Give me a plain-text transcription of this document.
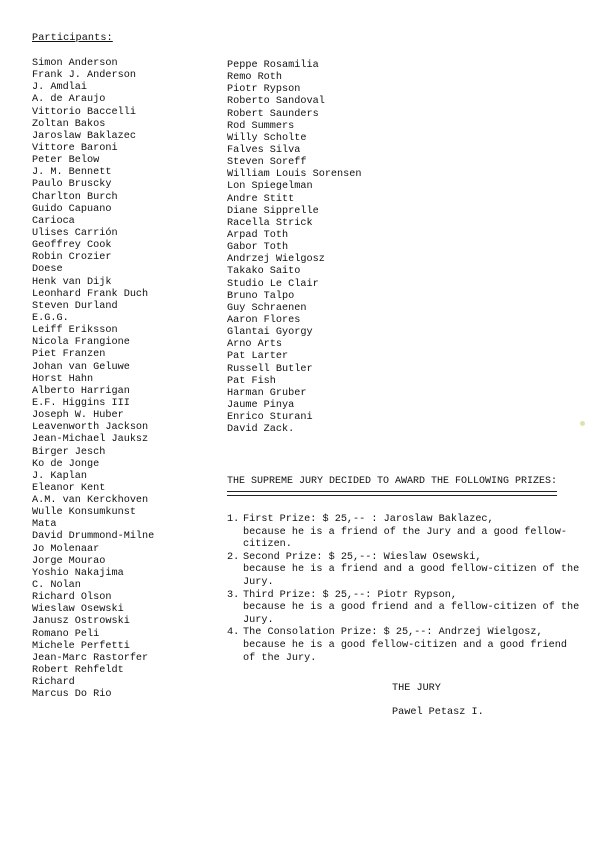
Participants:
Simon Anderson
Frank J. Anderson
J. Amdlai
A. de Araujo
Vittorio Baccelli
Zoltan Bakos
Jaroslaw Baklazec
Vittore Baroni
Peter Below
J. M. Bennett
Paulo Bruscky
Charlton Burch
Guido Capuano
Carioca
Ulises Carrión
Geoffrey Cook
Robin Crozier
Doese
Henk van Dijk
Leonhard Frank Duch
Steven Durland
E.G.G.
Leiff Eriksson
Nicola Frangione
Piet Franzen
Johan van Geluwe
Horst Hahn
Alberto Harrigan
E.F. Higgins III
Joseph W. Huber
Leavenworth Jackson
Jean-Michael Jauksz
Birger Jesch
Ko de Jonge
J. Kaplan
Eleanor Kent
A.M. van Kerckhoven
Wulle Konsumkunst
Mata
David Drummond-Milne
Jo Molenaar
Jorge Mourao
Yoshio Nakajima
C. Nolan
Richard Olson
Wieslaw Osewski
Janusz Ostrowski
Romano Peli
Michele Perfetti
Jean-Marc Rastorfer
Robert Rehfeldt
Richard
Marcus Do Rio
Peppe Rosamilia
Remo Roth
Piotr Rypson
Roberto Sandoval
Robert Saunders
Rod Summers
Willy Scholte
Falves Silva
Steven Soreff
William Louis Sorensen
Lon Spiegelman
Andre Stitt
Diane Sipprelle
Racella Strick
Arpad Toth
Gabor Toth
Andrzej Wielgosz
Takako Saito
Studio Le Clair
Bruno Talpo
Guy Schraenen
Aaron Flores
Glantai Gyorgy
Arno Arts
Pat Larter
Russell Butler
Pat Fish
Harman Gruber
Jaume Pinya
Enrico Sturani
David Zack.
THE SUPREME JURY DECIDED TO AWARD THE FOLLOWING PRIZES:
1. First Prize: $ 25,-- : Jaroslaw Baklazec,
because he is a friend of the Jury and a good fellow-citizen.
2. Second Prize: $ 25,--: Wieslaw Osewski,
because he is a friend and a good fellow-citizen of the Jury.
3. Third Prize: $ 25,--: Piotr Rypson,
because he is a good friend and a fellow-citizen of the Jury.
4. The Consolation Prize: $ 25,--: Andrzej Wielgosz,
because he is a good fellow-citizen and a good friend of the Jury.
THE JURY
Pawel Petasz I.
